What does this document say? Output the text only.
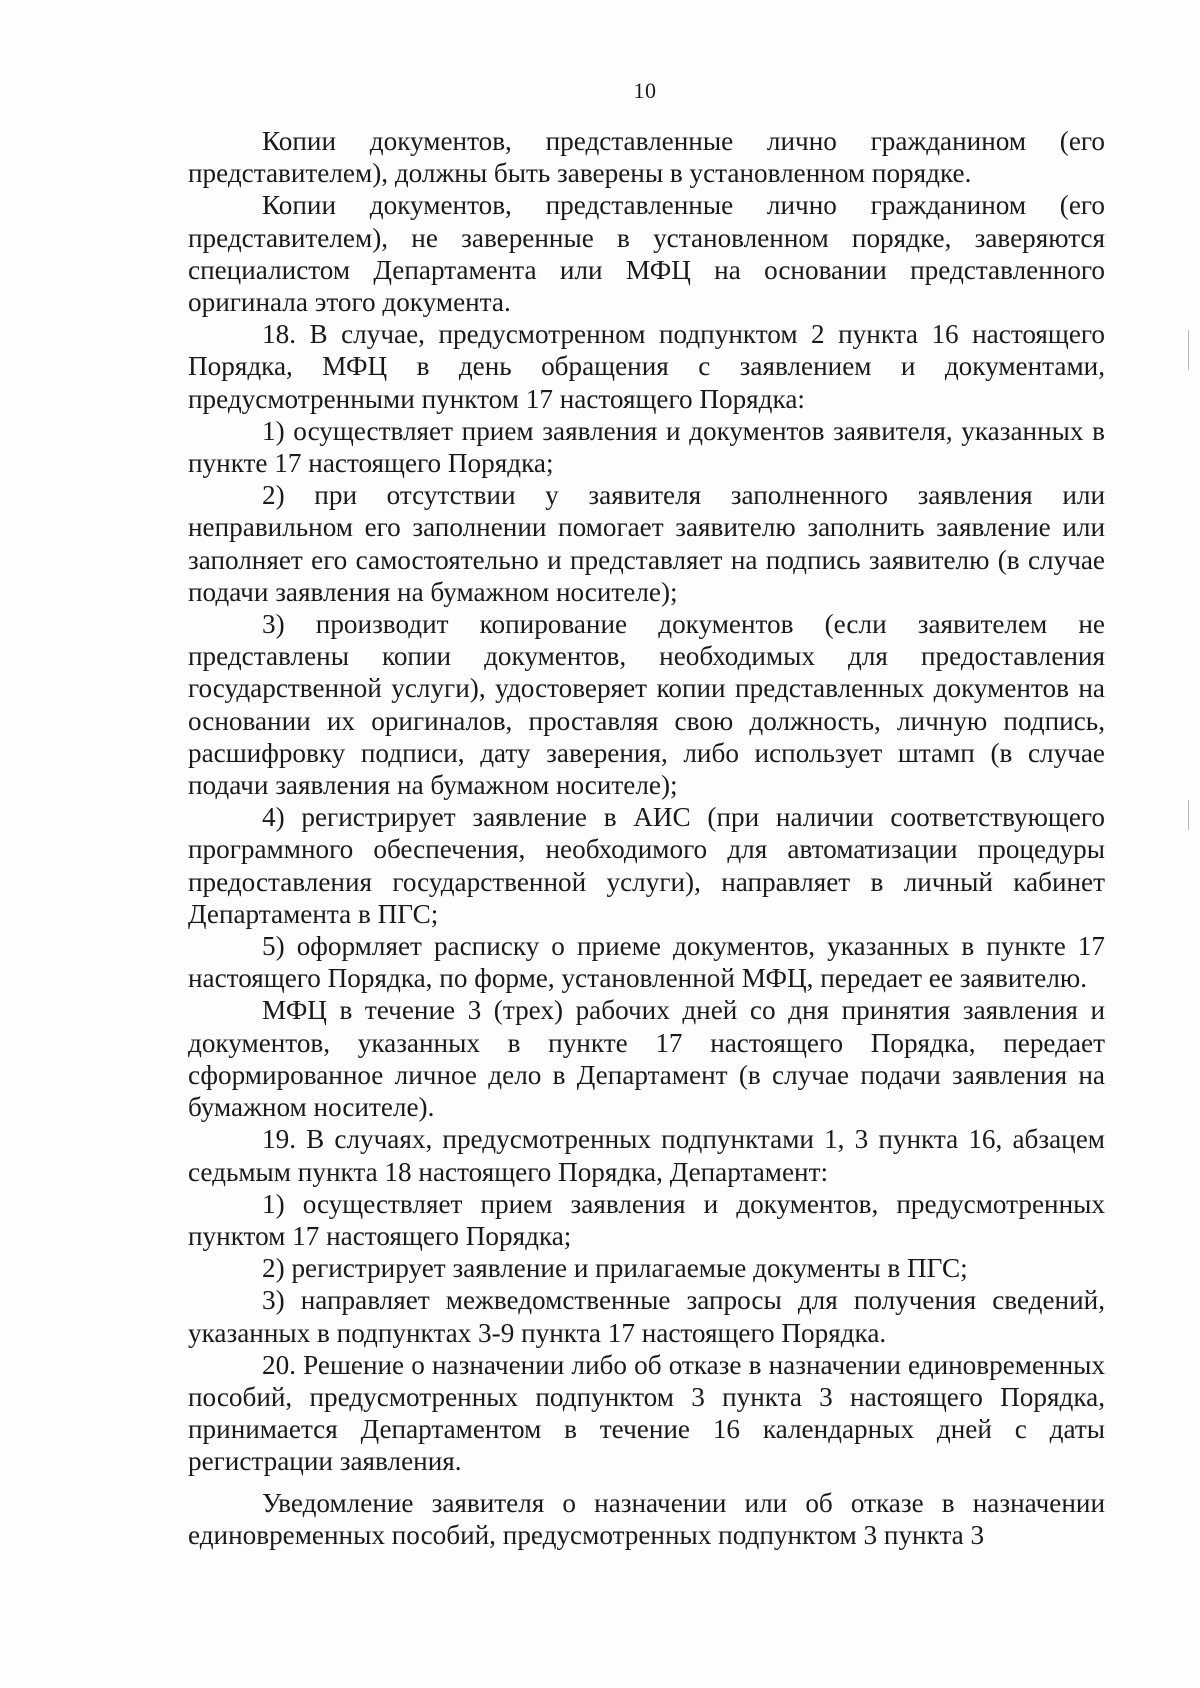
10

Копии документов, представленные лично гражданином (его представителем), должны быть заверены в установленном порядке.

Копии документов, представленные лично гражданином (его представителем), не заверенные в установленном порядке, заверяются специалистом Департамента или МФЦ на основании представленного оригинала этого документа.

18. В случае, предусмотренном подпунктом 2 пункта 16 настоящего Порядка, МФЦ в день обращения с заявлением и документами, предусмотренными пунктом 17 настоящего Порядка:

1) осуществляет прием заявления и документов заявителя, указанных в пункте 17 настоящего Порядка;

2) при отсутствии у заявителя заполненного заявления или неправильном его заполнении помогает заявителю заполнить заявление или заполняет его самостоятельно и представляет на подпись заявителю (в случае подачи заявления на бумажном носителе);

3) производит копирование документов (если заявителем не представлены копии документов, необходимых для предоставления государственной услуги), удостоверяет копии представленных документов на основании их оригиналов, проставляя свою должность, личную подпись, расшифровку подписи, дату заверения, либо использует штамп (в случае подачи заявления на бумажном носителе);

4) регистрирует заявление в АИС (при наличии соответствующего программного обеспечения, необходимого для автоматизации процедуры предоставления государственной услуги), направляет в личный кабинет Департамента в ПГС;

5) оформляет расписку о приеме документов, указанных в пункте 17 настоящего Порядка, по форме, установленной МФЦ, передает ее заявителю.

МФЦ в течение 3 (трех) рабочих дней со дня принятия заявления и документов, указанных в пункте 17 настоящего Порядка, передает сформированное личное дело в Департамент (в случае подачи заявления на бумажном носителе).

19. В случаях, предусмотренных подпунктами 1, 3 пункта 16, абзацем седьмым пункта 18 настоящего Порядка, Департамент:

1) осуществляет прием заявления и документов, предусмотренных пунктом 17 настоящего Порядка;

2) регистрирует заявление и прилагаемые документы в ПГС;

3) направляет межведомственные запросы для получения сведений, указанных в подпунктах 3-9 пункта 17 настоящего Порядка.

20. Решение о назначении либо об отказе в назначении единовременных пособий, предусмотренных подпунктом 3 пункта 3 настоящего Порядка, принимается Департаментом в течение 16 календарных дней с даты регистрации заявления.

Уведомление заявителя о назначении или об отказе в назначении единовременных пособий, предусмотренных подпунктом 3 пункта 3
